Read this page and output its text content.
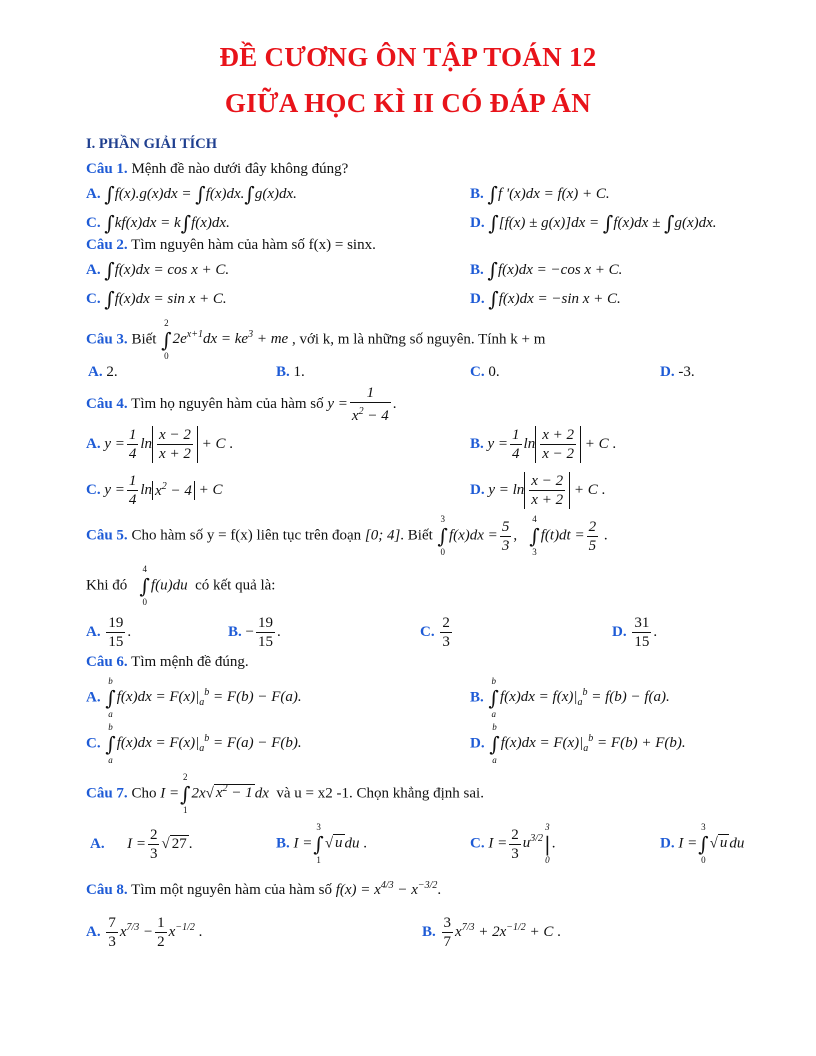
ĐỀ CƯƠNG ÔN TẬP TOÁN 12
GIỮA HỌC KÌ II CÓ ĐÁP ÁN
I. PHẦN GIẢI TÍCH
Câu 1. Mệnh đề nào dưới đây không đúng?
A. ∫f(x).g(x)dx = ∫f(x)dx.∫g(x)dx.	B. ∫f '(x)dx = f(x) + C.
C. ∫kf(x)dx = k∫f(x)dx.	D. ∫[f(x) ± g(x)]dx = ∫f(x)dx ± ∫g(x)dx.
Câu 2. Tìm nguyên hàm của hàm số f(x) = sinx.
A. ∫f(x)dx = cos x + C.	B. ∫f(x)dx = −cos x + C.
C. ∫f(x)dx = sin x + C.	D. ∫f(x)dx = −sin x + C.
Câu 3. Biết 2
∫
$02e^{x+1}dx = ke^3$ + me , với k, m là những số nguyên. Tính k + m
A. 2.	B. 1.	C. 0.	D. -3.
Câu 4. Tìm họ nguyên hàm của hàm số $y = \frac{1}{x^2 - 4}$ .
A. $y = \frac{1}{4}$ $\ln \frac{x - 2}{x + 2} + C$ .	B. $y = \frac{1}{4}$ $\ln \frac{x + 2}{x - 2} + C$ .
C. $y = \frac{1}{4}$ $\ln x^2 - 4 + C$	D. $y = \ln \frac{x - 2}{x + 2} + C$ .
Câu 5. Cho hàm số y = f(x) liên tục trên đoạn [0; 4]. Biết 3
∫
$0f(x)dx = \frac{5}{3}$ ,   4
∫
$3f(t)dt = \frac{2}{5}$ .
Khi đó   4
∫
0f(u)du có kết quả là:
A. $\frac{19}{15}$ .	B. − $\frac{19}{15}$ .	C. $\frac{2}{3}$	D. $\frac{31}{15}$ .
Câu 6. Tìm mệnh đề đúng.
A. b
∫
$af(x)dx = F(x)|_a^b = F(b) - F(a)$.	B. b
∫
$af(x)dx = f(x)|_a^b = f(b) - f(a)$.
C. b
∫
$af(x)dx = F(x)|_a^b = F(a) - F(b)$.	D. b
∫
$af(x)dx = F(x)|_a^b = F(b) + F(b)$.
Câu 7. Cho I =2
∫
12x√ $x^2 - 1$ dx và u = x2 -1. Chọn khẳng định sai.
A. $I = \frac{2}{3}$ √ 27 .	B. I =3
∫
1√ u du .	C. $I = \frac{2}{3} u^{3/2}3$
|
0.	D. I =3
∫
0√ u du
Câu 8. Tìm một nguyên hàm của hàm số $f(x) = x^{4/3} - x^{-3/2}$.
A. $\frac{7}{3} x^{7/3} - \frac{1}{2} x^{-1/2}$ .	B. $\frac{3}{7} x^{7/3} + 2x^{-1/2} + C$ .
